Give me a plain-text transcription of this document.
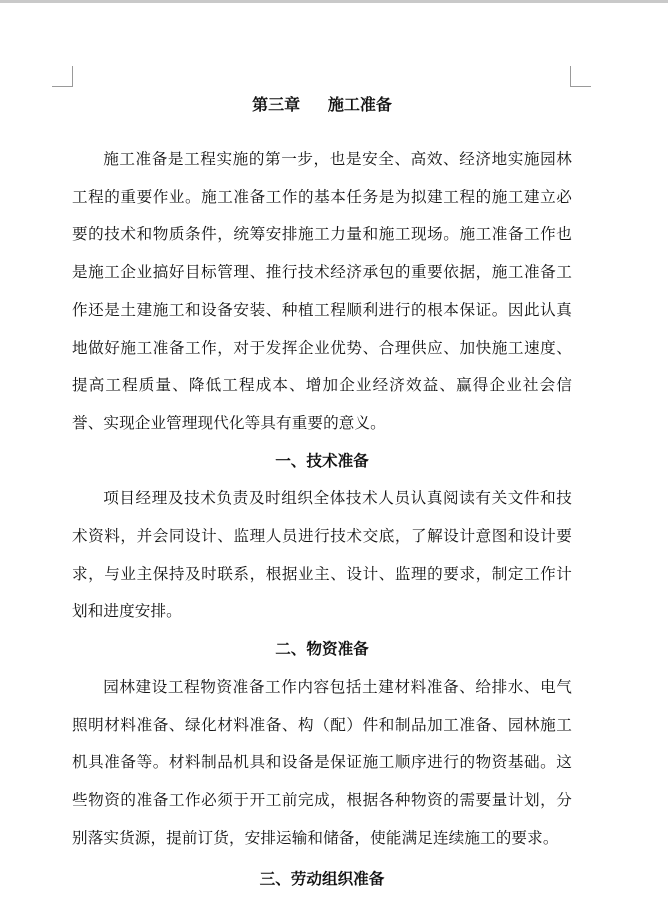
第三章     施工准备

施工准备是工程实施的第一步，也是安全、高效、经济地实施园林工程的重要作业。施工准备工作的基本任务是为拟建工程的施工建立必要的技术和物质条件，统筹安排施工力量和施工现场。施工准备工作也是施工企业搞好目标管理、推行技术经济承包的重要依据，施工准备工作还是土建施工和设备安装、种植工程顺利进行的根本保证。因此认真地做好施工准备工作，对于发挥企业优势、合理供应、加快施工速度、提高工程质量、降低工程成本、增加企业经济效益、赢得企业社会信誉、实现企业管理现代化等具有重要的意义。

一、技术准备

项目经理及技术负责及时组织全体技术人员认真阅读有关文件和技术资料，并会同设计、监理人员进行技术交底，了解设计意图和设计要求，与业主保持及时联系，根据业主、设计、监理的要求，制定工作计划和进度安排。

二、物资准备

园林建设工程物资准备工作内容包括土建材料准备、给排水、电气照明材料准备、绿化材料准备、构（配）件和制品加工准备、园林施工机具准备等。材料制品机具和设备是保证施工顺序进行的物资基础。这些物资的准备工作必须于开工前完成，根据各种物资的需要量计划，分别落实货源，提前订货，安排运输和储备，使能满足连续施工的要求。

三、劳动组织准备
